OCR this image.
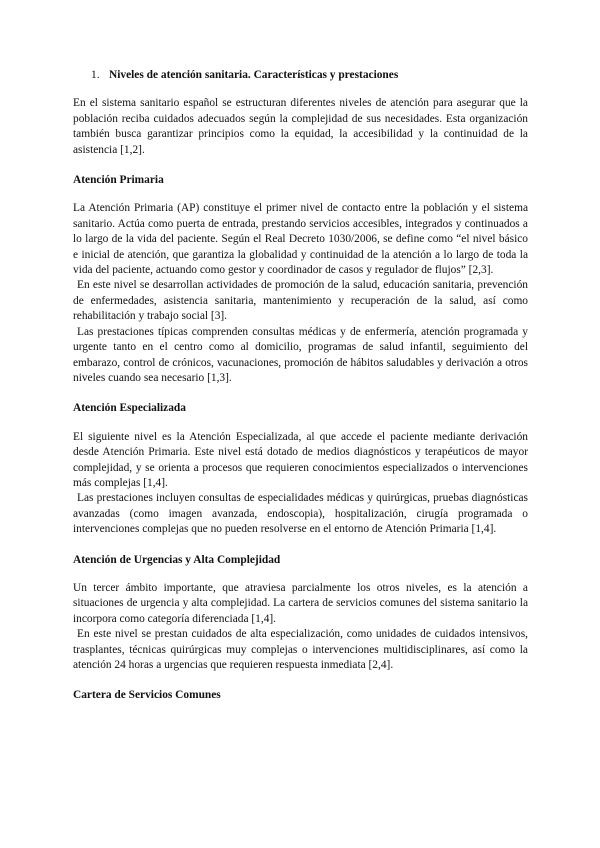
1. Niveles de atención sanitaria. Características y prestaciones

En el sistema sanitario español se estructuran diferentes niveles de atención para asegurar que la población reciba cuidados adecuados según la complejidad de sus necesidades. Esta organización también busca garantizar principios como la equidad, la accesibilidad y la continuidad de la asistencia [1,2].

Atención Primaria

La Atención Primaria (AP) constituye el primer nivel de contacto entre la población y el sistema sanitario. Actúa como puerta de entrada, prestando servicios accesibles, integrados y continuados a lo largo de la vida del paciente. Según el Real Decreto 1030/2006, se define como “el nivel básico e inicial de atención, que garantiza la globalidad y continuidad de la atención a lo largo de toda la vida del paciente, actuando como gestor y coordinador de casos y regulador de flujos” [2,3].

En este nivel se desarrollan actividades de promoción de la salud, educación sanitaria, prevención de enfermedades, asistencia sanitaria, mantenimiento y recuperación de la salud, así como rehabilitación y trabajo social [3].

Las prestaciones típicas comprenden consultas médicas y de enfermería, atención programada y urgente tanto en el centro como al domicilio, programas de salud infantil, seguimiento del embarazo, control de crónicos, vacunaciones, promoción de hábitos saludables y derivación a otros niveles cuando sea necesario [1,3].

Atención Especializada

El siguiente nivel es la Atención Especializada, al que accede el paciente mediante derivación desde Atención Primaria. Este nivel está dotado de medios diagnósticos y terapéuticos de mayor complejidad, y se orienta a procesos que requieren conocimientos especializados o intervenciones más complejas [1,4].

Las prestaciones incluyen consultas de especialidades médicas y quirúrgicas, pruebas diagnósticas avanzadas (como imagen avanzada, endoscopia), hospitalización, cirugía programada o intervenciones complejas que no pueden resolverse en el entorno de Atención Primaria [1,4].

Atención de Urgencias y Alta Complejidad

Un tercer ámbito importante, que atraviesa parcialmente los otros niveles, es la atención a situaciones de urgencia y alta complejidad. La cartera de servicios comunes del sistema sanitario la incorpora como categoría diferenciada [1,4].

En este nivel se prestan cuidados de alta especialización, como unidades de cuidados intensivos, trasplantes, técnicas quirúrgicas muy complejas o intervenciones multidisciplinares, así como la atención 24 horas a urgencias que requieren respuesta inmediata [2,4].

Cartera de Servicios Comunes
